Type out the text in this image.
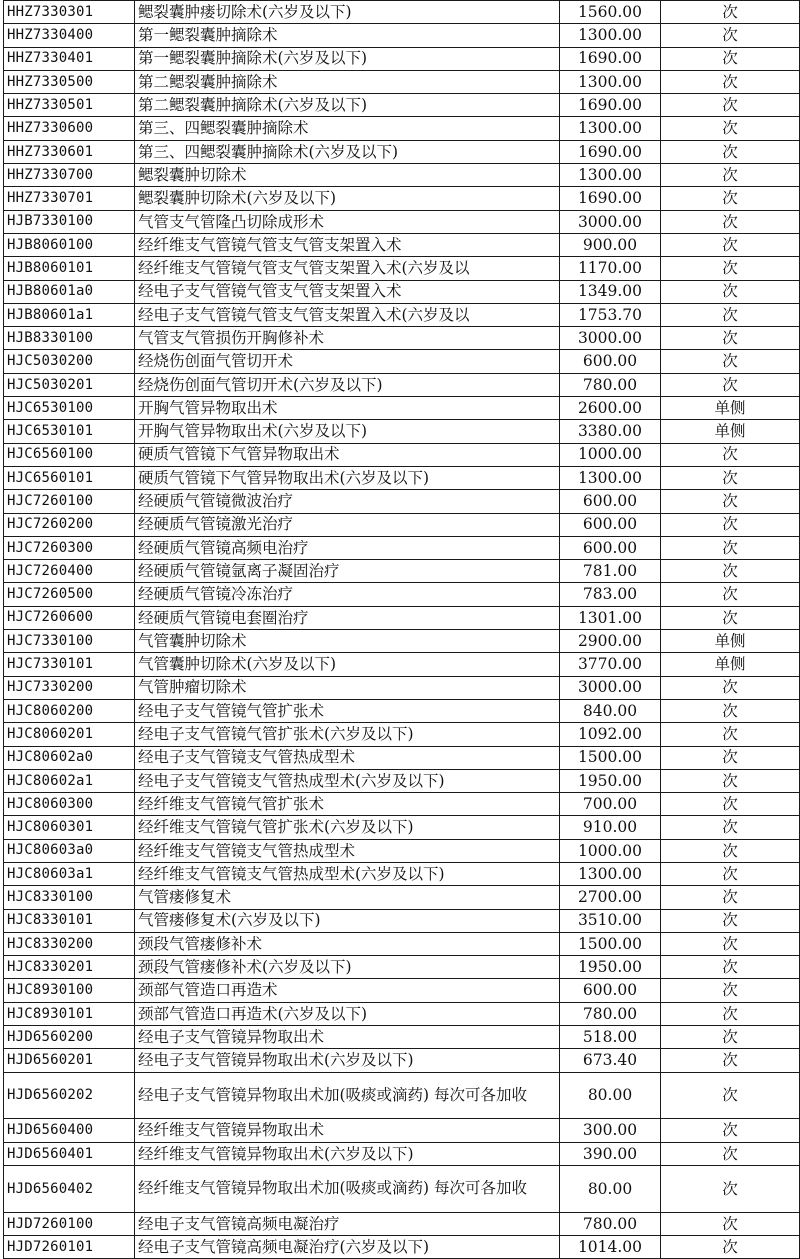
HHZ7330301	鳃裂囊肿瘘切除术(六岁及以下)	1560.00	次
HHZ7330400	第一鳃裂囊肿摘除术	1300.00	次
HHZ7330401	第一鳃裂囊肿摘除术(六岁及以下)	1690.00	次
HHZ7330500	第二鳃裂囊肿摘除术	1300.00	次
HHZ7330501	第二鳃裂囊肿摘除术(六岁及以下)	1690.00	次
HHZ7330600	第三、四鳃裂囊肿摘除术	1300.00	次
HHZ7330601	第三、四鳃裂囊肿摘除术(六岁及以下)	1690.00	次
HHZ7330700	鳃裂囊肿切除术	1300.00	次
HHZ7330701	鳃裂囊肿切除术(六岁及以下)	1690.00	次
HJB7330100	气管支气管隆凸切除成形术	3000.00	次
HJB8060100	经纤维支气管镜气管支气管支架置入术	900.00	次
HJB8060101	经纤维支气管镜气管支气管支架置入术(六岁及以	1170.00	次
HJB80601a0	经电子支气管镜气管支气管支架置入术	1349.00	次
HJB80601a1	经电子支气管镜气管支气管支架置入术(六岁及以	1753.70	次
HJB8330100	气管支气管损伤开胸修补术	3000.00	次
HJC5030200	经烧伤创面气管切开术	600.00	次
HJC5030201	经烧伤创面气管切开术(六岁及以下)	780.00	次
HJC6530100	开胸气管异物取出术	2600.00	单侧
HJC6530101	开胸气管异物取出术(六岁及以下)	3380.00	单侧
HJC6560100	硬质气管镜下气管异物取出术	1000.00	次
HJC6560101	硬质气管镜下气管异物取出术(六岁及以下)	1300.00	次
HJC7260100	经硬质气管镜微波治疗	600.00	次
HJC7260200	经硬质气管镜激光治疗	600.00	次
HJC7260300	经硬质气管镜高频电治疗	600.00	次
HJC7260400	经硬质气管镜氩离子凝固治疗	781.00	次
HJC7260500	经硬质气管镜冷冻治疗	783.00	次
HJC7260600	经硬质气管镜电套圈治疗	1301.00	次
HJC7330100	气管囊肿切除术	2900.00	单侧
HJC7330101	气管囊肿切除术(六岁及以下)	3770.00	单侧
HJC7330200	气管肿瘤切除术	3000.00	次
HJC8060200	经电子支气管镜气管扩张术	840.00	次
HJC8060201	经电子支气管镜气管扩张术(六岁及以下)	1092.00	次
HJC80602a0	经电子支气管镜支气管热成型术	1500.00	次
HJC80602a1	经电子支气管镜支气管热成型术(六岁及以下)	1950.00	次
HJC8060300	经纤维支气管镜气管扩张术	700.00	次
HJC8060301	经纤维支气管镜气管扩张术(六岁及以下)	910.00	次
HJC80603a0	经纤维支气管镜支气管热成型术	1000.00	次
HJC80603a1	经纤维支气管镜支气管热成型术(六岁及以下)	1300.00	次
HJC8330100	气管瘘修复术	2700.00	次
HJC8330101	气管瘘修复术(六岁及以下)	3510.00	次
HJC8330200	颈段气管瘘修补术	1500.00	次
HJC8330201	颈段气管瘘修补术(六岁及以下)	1950.00	次
HJC8930100	颈部气管造口再造术	600.00	次
HJC8930101	颈部气管造口再造术(六岁及以下)	780.00	次
HJD6560200	经电子支气管镜异物取出术	518.00	次
HJD6560201	经电子支气管镜异物取出术(六岁及以下)	673.40	次
HJD6560202	经电子支气管镜异物取出术加(吸痰或滴药) 每次可各加收	80.00	次
HJD6560400	经纤维支气管镜异物取出术	300.00	次
HJD6560401	经纤维支气管镜异物取出术(六岁及以下)	390.00	次
HJD6560402	经纤维支气管镜异物取出术加(吸痰或滴药) 每次可各加收	80.00	次
HJD7260100	经电子支气管镜高频电凝治疗	780.00	次
HJD7260101	经电子支气管镜高频电凝治疗(六岁及以下)	1014.00	次
